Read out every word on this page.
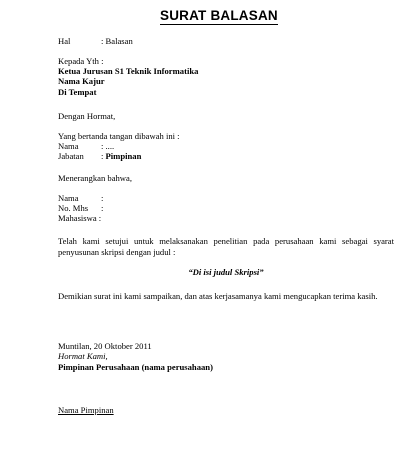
SURAT BALASAN
Hal	: Balasan
Kepada Yth :
Ketua Jurusan S1 Teknik Informatika
Nama Kajur
Di Tempat
Dengan Hormat,
Yang bertanda tangan dibawah ini :
Nama	: ....
Jabatan : Pimpinan
Menerangkan bahwa,
Nama	:
No. Mhs :
Mahasiswa :
Telah kami setujui untuk melaksanakan penelitian pada perusahaan kami sebagai syarat penyusunan skripsi dengan judul :
“Di isi judul Skripsi”
Demikian surat ini kami sampaikan, dan atas kerjasamanya kami mengucapkan terima kasih.
Muntilan, 20 Oktober 2011
Hormat Kami,
Pimpinan Perusahaan (nama perusahaan)
Nama Pimpinan
